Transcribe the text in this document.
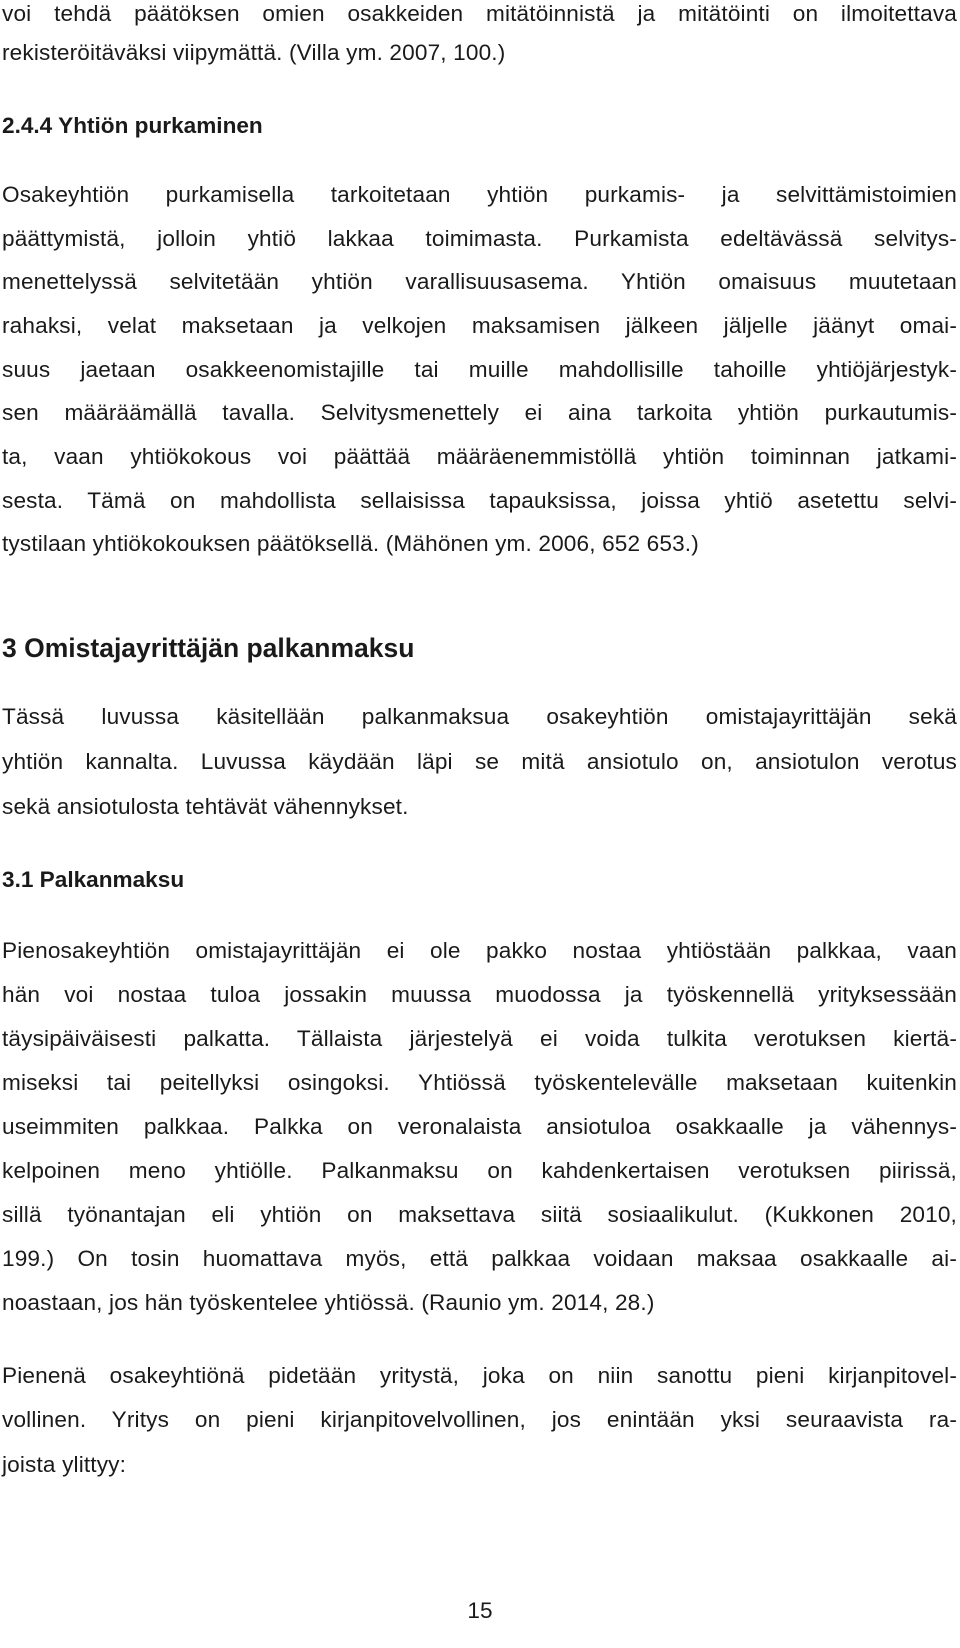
voi tehdä päätöksen omien osakkeiden mitätöinnistä ja mitätöinti on ilmoitettava
rekisteröitäväksi viipymättä. (Villa ym. 2007, 100.)
2.4.4 Yhtiön purkaminen
Osakeyhtiön purkamisella tarkoitetaan yhtiön purkamis- ja selvittämistoimien
päättymistä, jolloin yhtiö lakkaa toimimasta. Purkamista edeltävässä selvitys-
menettelyssä selvitetään yhtiön varallisuusasema. Yhtiön omaisuus muutetaan
rahaksi, velat maksetaan ja velkojen maksamisen jälkeen jäljelle jäänyt omai-
suus jaetaan osakkeenomistajille tai muille mahdollisille tahoille yhtiöjärjestyk-
sen määräämällä tavalla. Selvitysmenettely ei aina tarkoita yhtiön purkautumis-
ta, vaan yhtiökokous voi päättää määräenemmistöllä yhtiön toiminnan jatkami-
sesta. Tämä on mahdollista sellaisissa tapauksissa, joissa yhtiö asetettu selvi-
tystilaan yhtiökokouksen päätöksellä. (Mähönen ym. 2006, 652 653.)
3 Omistajayrittäjän palkanmaksu
Tässä luvussa käsitellään palkanmaksua osakeyhtiön omistajayrittäjän sekä
yhtiön kannalta. Luvussa käydään läpi se mitä ansiotulo on, ansiotulon verotus
sekä ansiotulosta tehtävät vähennykset.
3.1 Palkanmaksu
Pienosakeyhtiön omistajayrittäjän ei ole pakko nostaa yhtiöstään palkkaa, vaan
hän voi nostaa tuloa jossakin muussa muodossa ja työskennellä yrityksessään
täysipäiväisesti palkatta. Tällaista järjestelyä ei voida tulkita verotuksen kiertä-
miseksi tai peitellyksi osingoksi. Yhtiössä työskentelevälle maksetaan kuitenkin
useimmiten palkkaa. Palkka on veronalaista ansiotuloa osakkaalle ja vähennys-
kelpoinen meno yhtiölle. Palkanmaksu on kahdenkertaisen verotuksen piirissä,
sillä työnantajan eli yhtiön on maksettava siitä sosiaalikulut. (Kukkonen 2010,
199.) On tosin huomattava myös, että palkkaa voidaan maksaa osakkaalle ai-
noastaan, jos hän työskentelee yhtiössä. (Raunio ym. 2014, 28.)
Pienenä osakeyhtiönä pidetään yritystä, joka on niin sanottu pieni kirjanpitovel-
vollinen. Yritys on pieni kirjanpitovelvollinen, jos enintään yksi seuraavista ra-
joista ylittyy:
15
